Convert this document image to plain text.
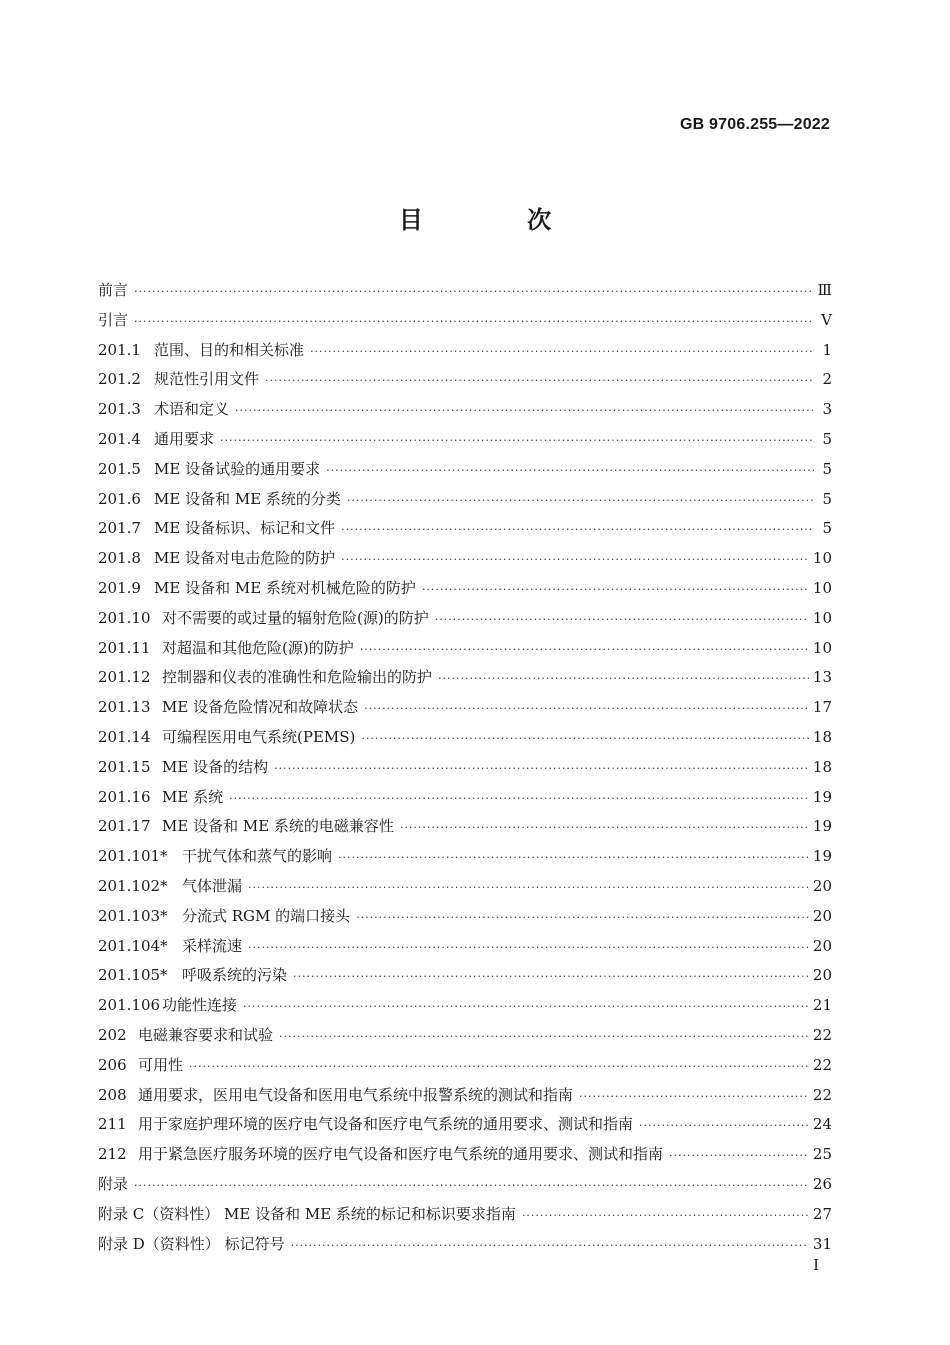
GB 9706.255—2022
目 次
前言 ·····	Ⅲ
引言 ·····	V
201.1 范围、目的和相关标准 ·····	1
201.2 规范性引用文件 ·····	2
201.3 术语和定义 ·····	3
201.4 通用要求 ·····	5
201.5 ME 设备试验的通用要求 ·····	5
201.6 ME 设备和 ME 系统的分类 ·····	5
201.7 ME 设备标识、标记和文件 ·····	5
201.8 ME 设备对电击危险的防护 ·····	10
201.9 ME 设备和 ME 系统对机械危险的防护 ·····	10
201.10 对不需要的或过量的辐射危险(源)的防护 ·····	10
201.11 对超温和其他危险(源)的防护 ·····	10
201.12 控制器和仪表的准确性和危险输出的防护 ·····	13
201.13 ME 设备危险情况和故障状态 ·····	17
201.14 可编程医用电气系统(PEMS) ·····	18
201.15 ME 设备的结构 ·····	18
201.16 ME 系统 ·····	19
201.17 ME 设备和 ME 系统的电磁兼容性 ·····	19
201.101* 干扰气体和蒸气的影响 ·····	19
201.102* 气体泄漏 ·····	20
201.103* 分流式 RGM 的端口接头 ·····	20
201.104* 采样流速 ·····	20
201.105* 呼吸系统的污染 ·····	20
201.106 功能性连接 ·····	21
202 电磁兼容要求和试验 ·····	22
206 可用性 ·····	22
208 通用要求，医用电气设备和医用电气系统中报警系统的测试和指南 ·····	22
211 用于家庭护理环境的医疗电气设备和医疗电气系统的通用要求、测试和指南 ·····	24
212 用于紧急医疗服务环境的医疗电气设备和医疗电气系统的通用要求、测试和指南 ·····	25
附录 ·····	26
附录 C（资料性） ME 设备和 ME 系统的标记和标识要求指南 ·····	27
附录 D（资料性） 标记符号 ·····	31
I
